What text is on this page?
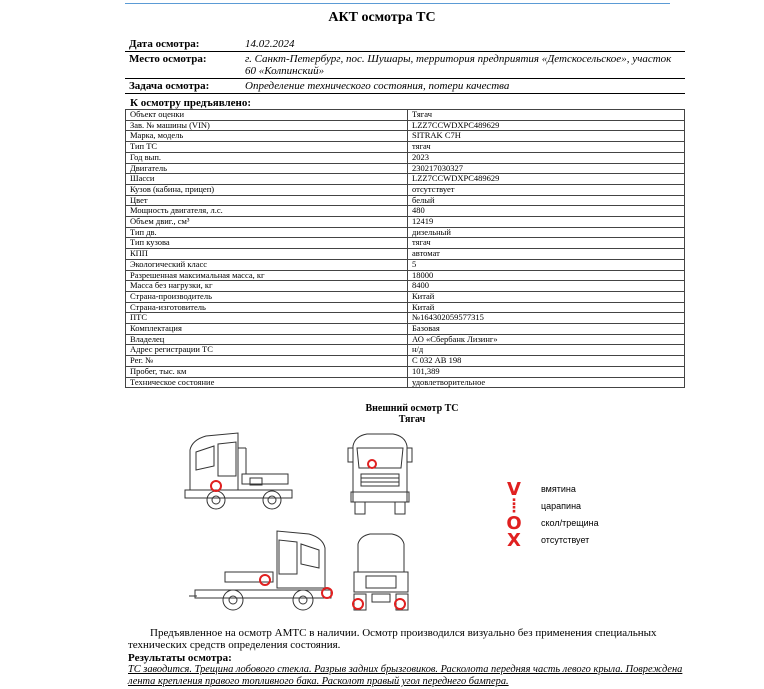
АКТ осмотра ТС
Дата осмотра:	14.02.2024
Место осмотра:	г. Санкт-Петербург, пос. Шушары, территория предприятия «Детскосельское», участок
60 «Колпинский»
Задача осмотра:	Определение технического состояния, потери качества
К осмотру предъявлено:
Объект оценки	Тягач
Зав. № машины (VIN)	LZZ7CCWDXPC489629
Марка, модель	SITRAK C7H
Тип ТС	тягач
Год вып.	2023
Двигатель	230217030327
Шасси	LZZ7CCWDXPC489629
Кузов (кабина, прицеп)	отсутствует
Цвет	белый
Мощность двигателя, л.с.	480
Объем двиг., см³	12419
Тип дв.	дизельный
Тип кузова	тягач
КПП	автомат
Экологический класс	5
Разрешенная максимальная масса, кг	18000
Масса без нагрузки, кг	8400
Страна-производитель	Китай
Страна-изготовитель	Китай
ПТС	№164302059577315
Комплектация	Базовая
Владелец	АО «Сбербанк Лизинг»
Адрес регистрации ТС	н/д
Рег. №	С 032 АВ 198
Пробег, тыс. км	101,389
Техническое состояние	удовлетворительное
Внешний осмотр ТС
Тягач
V вмятина
⦙	царапина
O скол/трещина
X отсутствует
Предъявленное на осмотр АМТС в наличии. Осмотр производился визуально без применения специальных
технических средств определения состояния.
Результаты осмотра:
ТС заводится. Трещина лобового стекла. Разрыв задних брызговиков. Расколота передняя часть левого крыла. Повреждена
лента крепления правого топливного бака. Расколот правый угол переднего бампера.
